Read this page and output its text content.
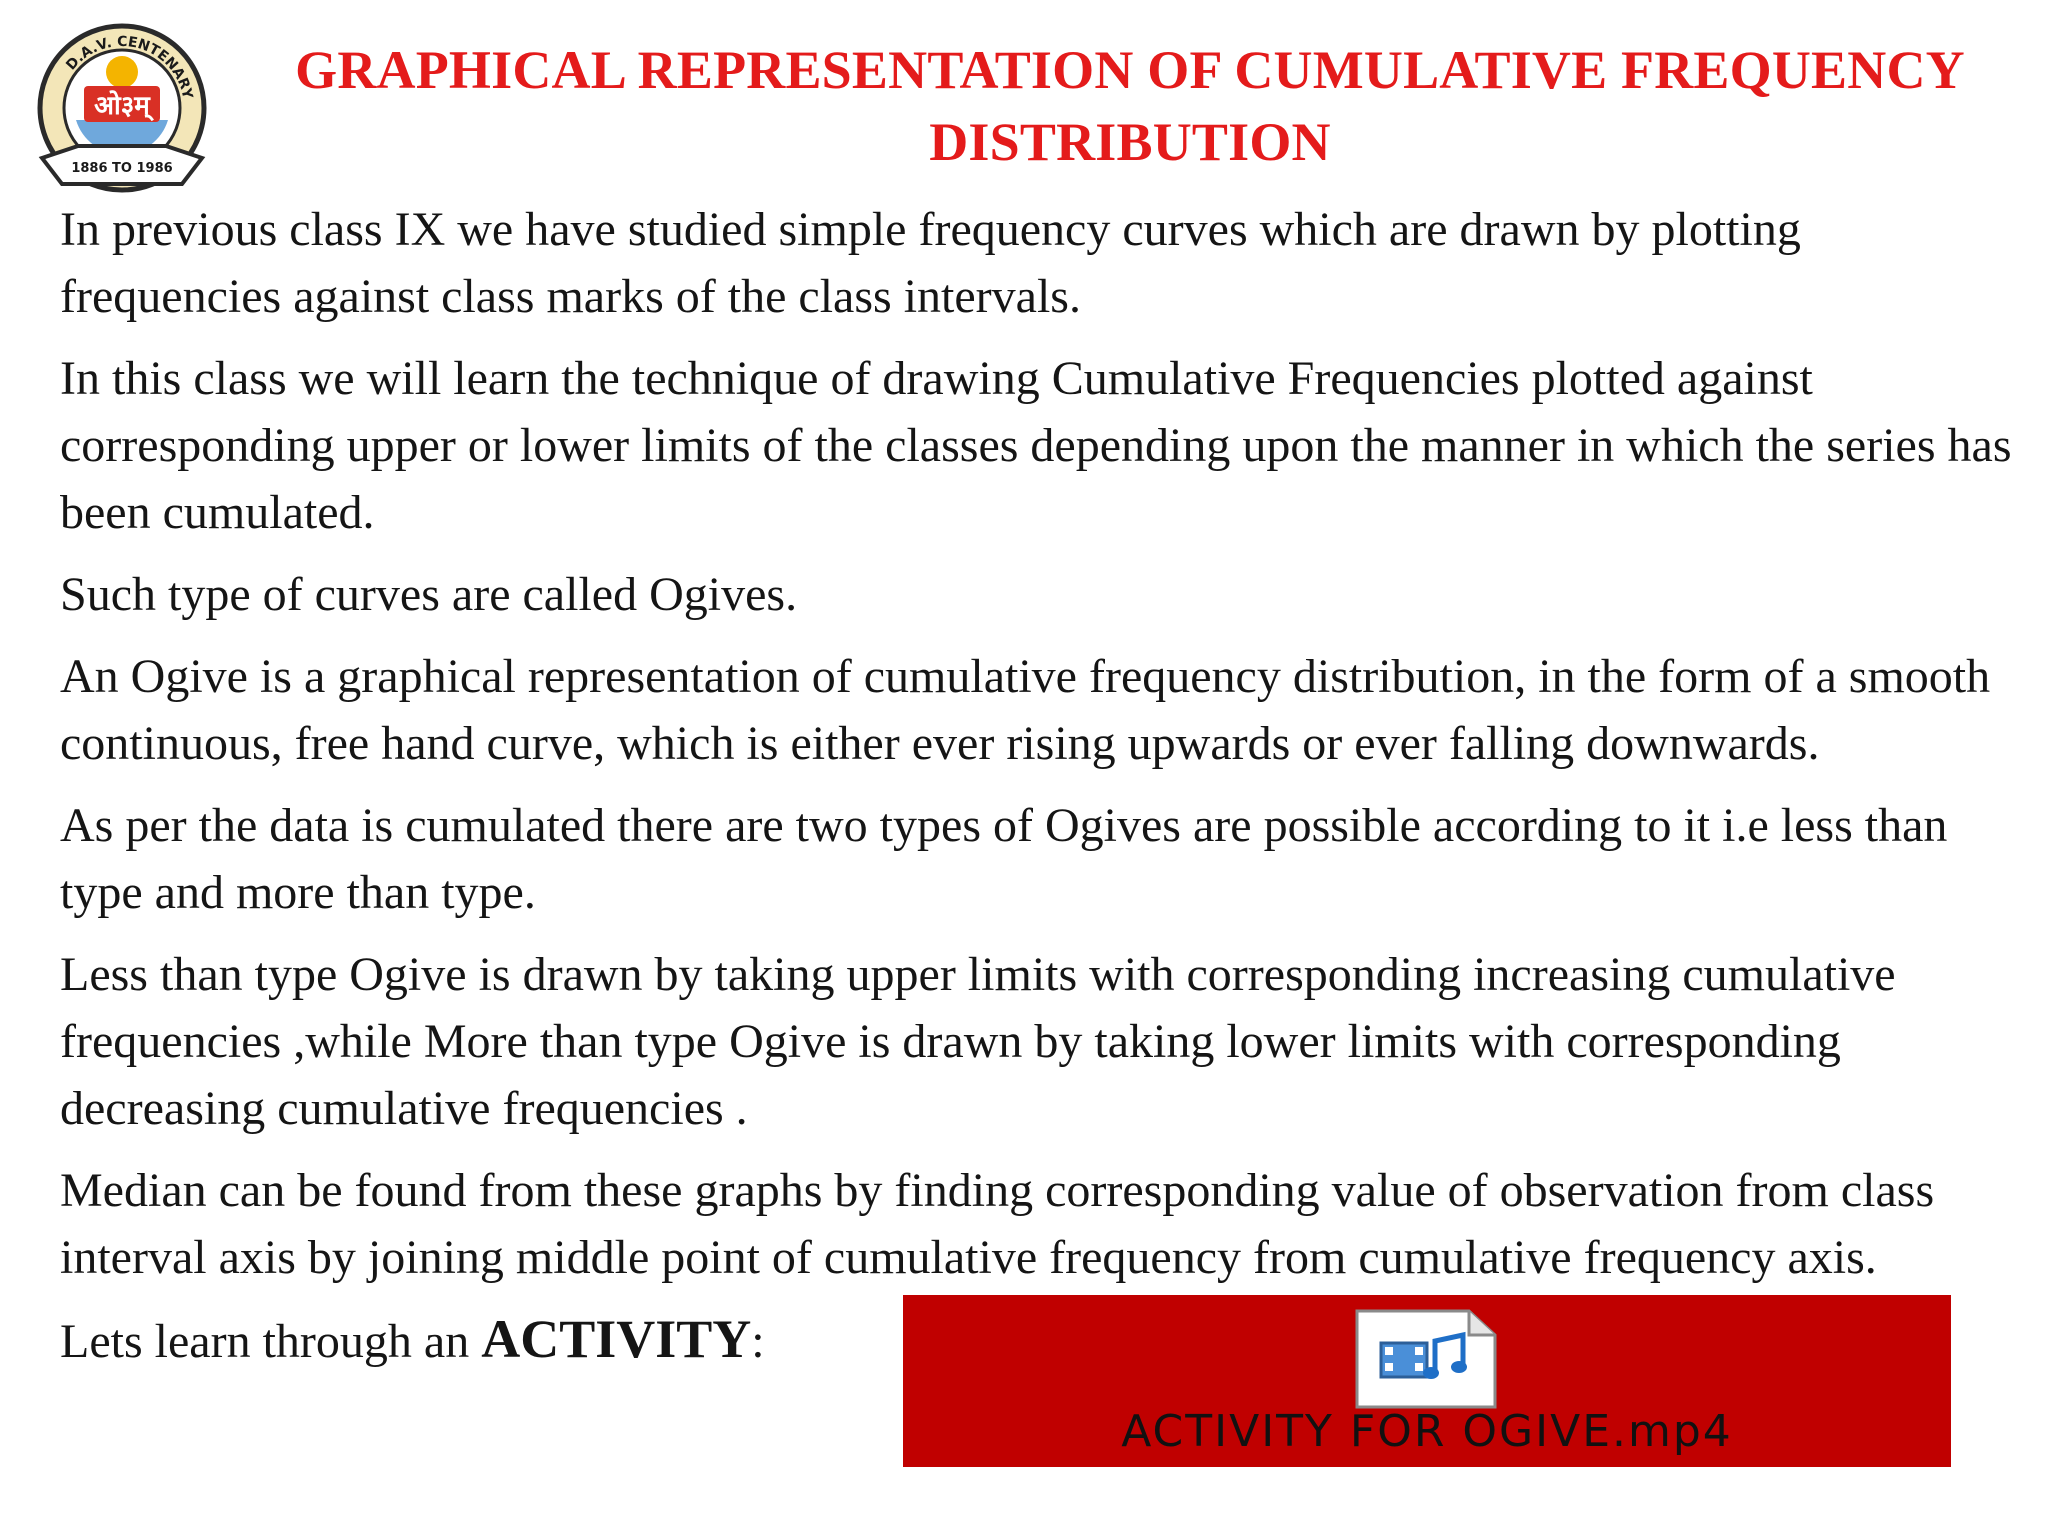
ओ३म्
D.A.V. CENTENARY
1886 TO 1986
GRAPHICAL REPRESENTATION OF CUMULATIVE FREQUENCY
DISTRIBUTION

In previous class IX we have studied simple frequency curves which are drawn by plotting frequencies against class marks of the class intervals.

In this class we will learn the technique of drawing Cumulative Frequencies plotted against corresponding upper or lower limits of the classes depending upon the manner in which the series has been cumulated.

Such type of curves are called Ogives.

An Ogive is a graphical representation of cumulative frequency distribution, in the form of a smooth continuous, free hand curve, which is either ever rising upwards or ever falling downwards.

As per the data is cumulated there are two types of Ogives are possible according to it i.e less than type and more than type.

Less than type Ogive is drawn by taking upper limits with corresponding increasing cumulative frequencies ,while More than type Ogive is drawn by taking lower limits with corresponding decreasing cumulative frequencies .

Median can be found from these graphs by finding corresponding value of observation from class interval axis by joining middle point of cumulative frequency from cumulative frequency axis.

Lets learn through an ACTIVITY:

ACTIVITY FOR OGIVE.mp4
